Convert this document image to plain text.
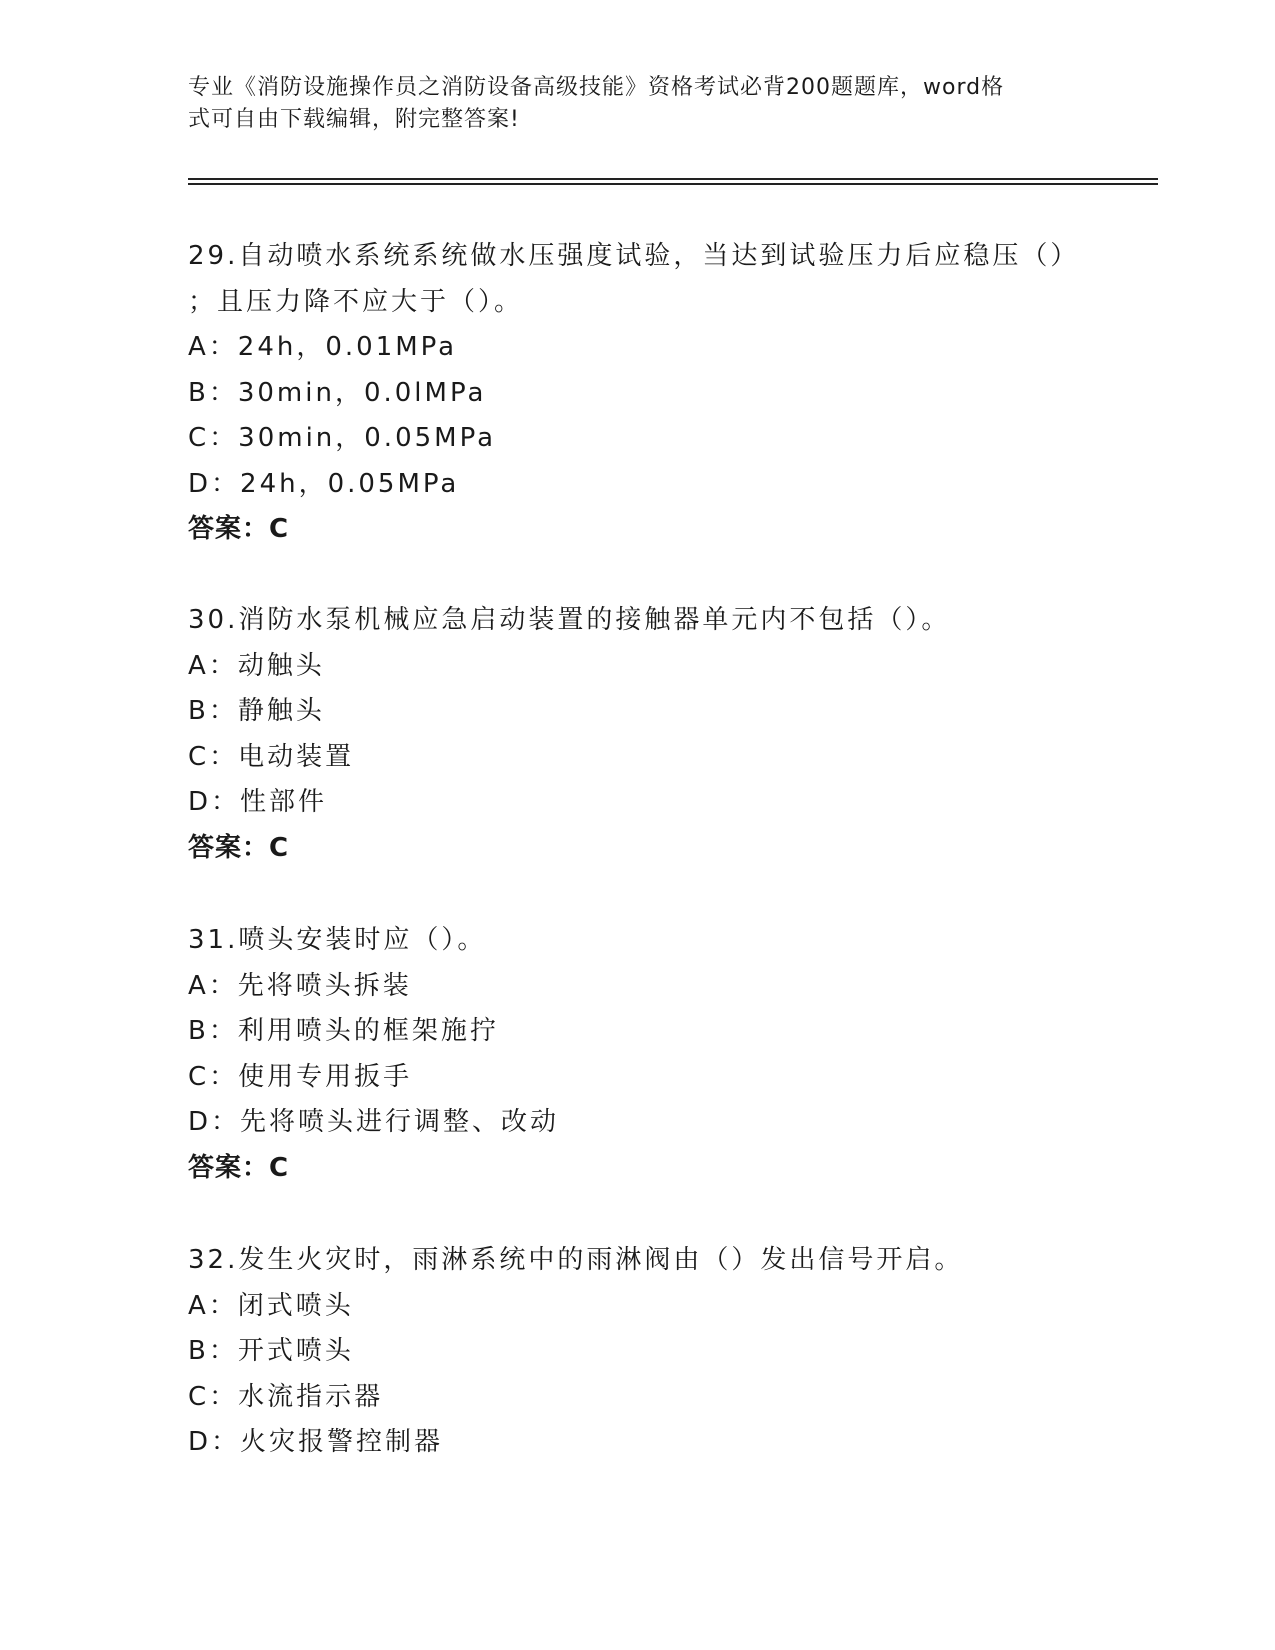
专业《消防设施操作员之消防设备高级技能》资格考试必背200题题库，word格
式可自由下载编辑，附完整答案!
29.自动喷水系统系统做水压强度试验，当达到试验压力后应稳压（）
；且压力降不应大于（）。
A：24h，0.01MPa
B：30min，0.0lMPa
C：30min，0.05MPa
D：24h，0.05MPa
答案：C
30.消防水泵机械应急启动装置的接触器单元内不包括（）。
A：动触头
B：静触头
C：电动装置
D：性部件
答案：C
31.喷头安装时应（）。
A：先将喷头拆装
B：利用喷头的框架施拧
C：使用专用扳手
D：先将喷头进行调整、改动
答案：C
32.发生火灾时，雨淋系统中的雨淋阀由（）发出信号开启。
A：闭式喷头
B：开式喷头
C：水流指示器
D：火灾报警控制器
